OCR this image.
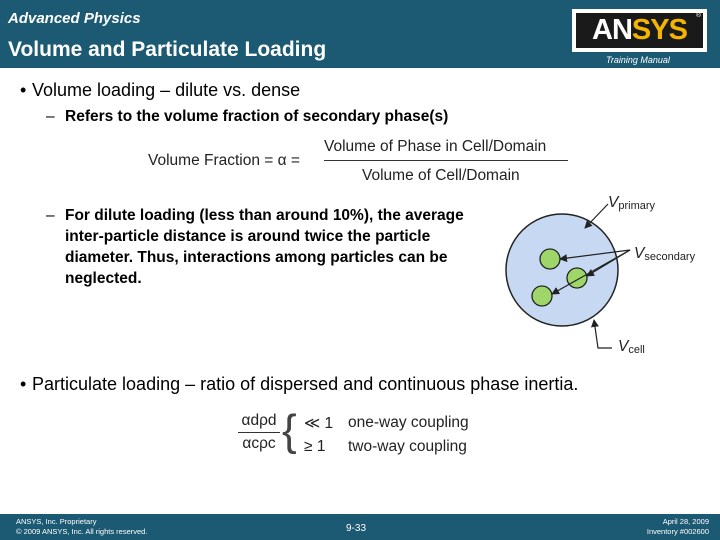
Advanced Physics
Volume and Particulate Loading
ANSYS ®
Training Manual
• Volume loading – dilute vs. dense
– Refers to the volume fraction of secondary phase(s)
Volume Fraction = α =
Volume of Phase in Cell/Domain
Volume of Cell/Domain
– For dilute loading (less than around 10%), the average inter-particle distance is around twice the particle diameter. Thus, interactions among particles can be neglected.
$V_{primary}$
$V_{secondary}$
$V_{cell}$
• Particulate loading – ratio of dispersed and continuous phase inertia.
αdρd
αcρc { ≪ 1
≥ 1
one-way coupling
two-way coupling
ANSYS, Inc. Proprietary
© 2009 ANSYS, Inc. All rights reserved.	9-33
April 28, 2009
Inventory #002600
